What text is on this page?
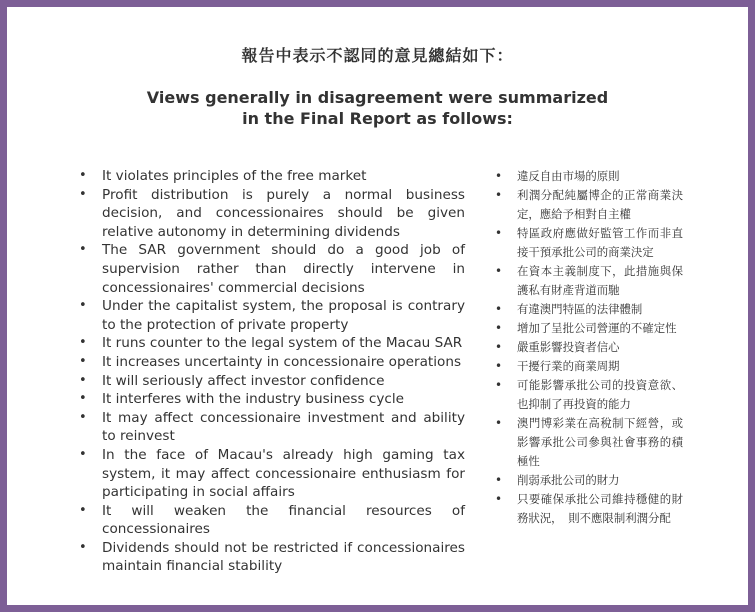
報告中表示不認同的意見總結如下：
Views generally in disagreement were summarized
in the Final Report as follows:
• It violates principles of the free market
• Profit distribution is purely a normal business decision, and concessionaires should be given relative autonomy in determining dividends
• The SAR government should do a good job of supervision rather than directly intervene in concessionaires' commercial decisions
• Under the capitalist system, the proposal is contrary to the protection of private property
• It runs counter to the legal system of the Macau SAR
• It increases uncertainty in concessionaire operations
• It will seriously affect investor confidence
• It interferes with the industry business cycle
• It may affect concessionaire investment and ability to reinvest
• In the face of Macau's already high gaming tax system, it may affect concessionaire enthusiasm for participating in social affairs
• It will weaken the financial resources of concessionaires
• Dividends should not be restricted if concessionaires maintain financial stability
• 違反自由市場的原則
• 利潤分配純屬博企的正常商業決定，應給予相對自主權
• 特區政府應做好監管工作而非直接干預承批公司的商業決定
• 在資本主義制度下，此措施與保護私有財產背道而馳
• 有違澳門特區的法律體制
• 增加了呈批公司營運的不確定性
• 嚴重影響投資者信心
• 干擾行業的商業周期
• 可能影響承批公司的投資意欲、也抑制了再投資的能力
• 澳門博彩業在高稅制下經營，或影響承批公司參與社會事務的積極性
• 削弱承批公司的財力
• 只要確保承批公司維持穩健的財務狀況，　則不應限制利潤分配
